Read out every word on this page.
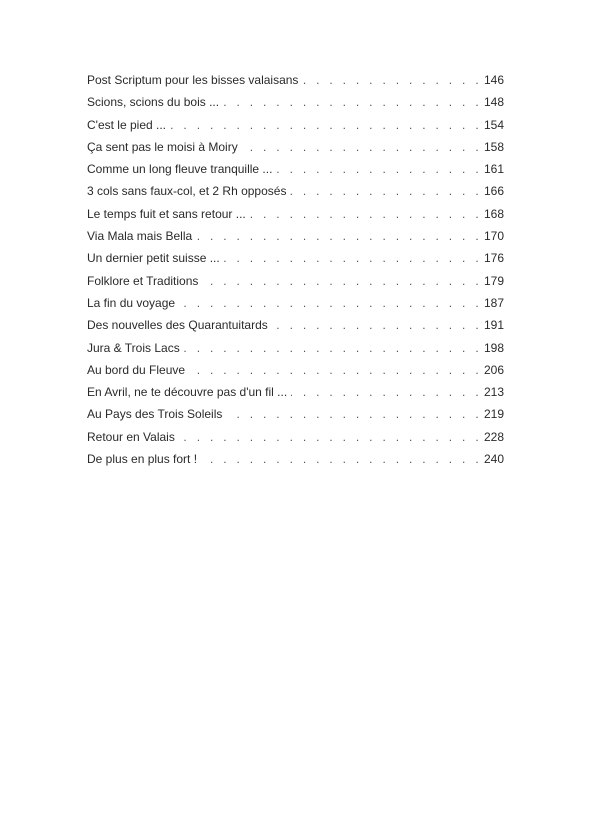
Post Scriptum pour les bisses valaisans . . .	146
Scions, scions du bois ... . . .	148
C'est le pied ... . . .	154
Ça sent pas le moisi à Moiry . . .	158
Comme un long fleuve tranquille ... . . .	161
3 cols sans faux-col, et 2 Rh opposés . . .	166
Le temps fuit et sans retour ... . . .	168
Via Mala mais Bella . . .	170
Un dernier petit suisse ... . . .	176
Folklore et Traditions . . .	179
La fin du voyage . . .	187
Des nouvelles des Quarantuitards . . .	191
Jura & Trois Lacs . . .	198
Au bord du Fleuve . . .	206
En Avril, ne te découvre pas d'un fil ... . . .	213
Au Pays des Trois Soleils . . .	219
Retour en Valais . . .	228
De plus en plus fort ! . . .	240
